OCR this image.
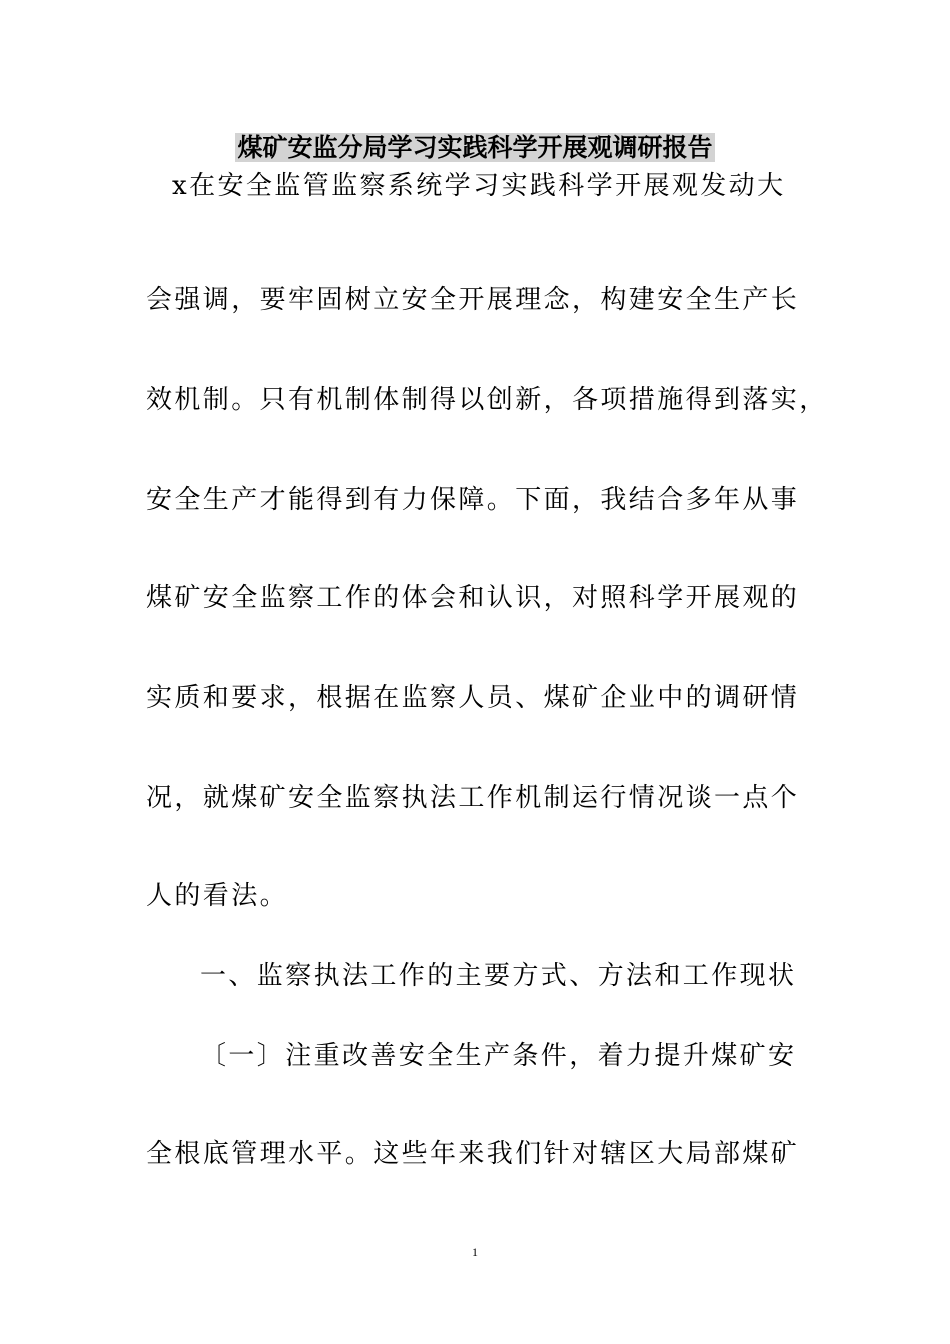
煤矿安监分局学习实践科学开展观调研报告

x在安全监管监察系统学习实践科学开展观发动大

会强调，要牢固树立安全开展理念，构建安全生产长

效机制。只有机制体制得以创新，各项措施得到落实，

安全生产才能得到有力保障。下面，我结合多年从事

煤矿安全监察工作的体会和认识，对照科学开展观的

实质和要求，根据在监察人员、煤矿企业中的调研情

况，就煤矿安全监察执法工作机制运行情况谈一点个

人的看法。

一、监察执法工作的主要方式、方法和工作现状

〔一〕注重改善安全生产条件，着力提升煤矿安

全根底管理水平。这些年来我们针对辖区大局部煤矿

1
